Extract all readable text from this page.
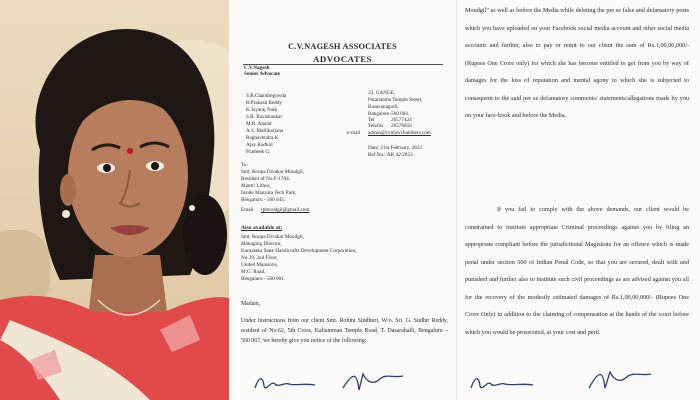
C.V.NAGESH ASSOCIATES
ADVOCATES
C.V.Nagesh
Senior Advocate
S.R.Chandregowda
R.Prakash Reddy
K.Jayaraj Naik
S.R. Ravishankar
M.R. Anand
A.S. Mallikarjuna
Raghavendra K
Ajay Kadkol
Pratheek G
33, GANGE,
Patalamma Temple Street,
Basavanagudi,
Bangalore-560 004.
Tel	26577424
Telefax 26576856
e-mail admin@cvnlawchambers.com
Date: 21st February, 2023
Ref.No.: AK 42/2023
To:
Smt. Roopa Divakar Moudgil,
Resident of No.F-1704,
Mantri Lithos,
Inside Manyata Tech Park,
Bengaluru - 560 045.
Email rpmoudgil@gmail.com
Also available at:
Smt. Roopa Divakar Moudgil,
Managing Director,
Karnataka State Handicrafts Development Corporation,
No.39, 2nd Floor,
United Mansions,
M.G. Road,
Bengaluru - 560 001.
Madam,
Under instructions from our client Smt. Rohini Sindhuri, W/o. Sri. G. Sudhir Reddy, resident of No.62, 5th Cross, Kaliamman Temple Road, T. Dasarahalli, Bengaluru – 560 067, we hereby give you notice of the following:

Moudgil" as well as before the Media while deleting the per se false and defamatory posts which you have uploaded on your Facebook social media account and other social media accounts and further, also to pay or remit to our client the sum of Rs.1,00,00,000/- (Rupees One Crore only) for which she has become entitled to get from you by way of damages for the loss of reputation and mental agony to which she is subjected to consequent to the said per se defamatory comments/ statements/allegations made by you on your face-book and before the Media.

If you fail to comply with the above demands, our client would be constrained to institute appropriate Criminal proceedings against you by filing an appropriate compliant before the jurisdictional Magistrate for an offence which is made penal under section 500 of Indian Penal Code, so that you are secured, dealt with and punished and further also to institute such civil proceedings as are advised against you all for the recovery of the modestly estimated damages of Rs.1,00,00,000/- (Rupees One Crore Only) in addition to the claiming of compensation at the hands of the court before which you would be prosecuted, at your cost and peril.
